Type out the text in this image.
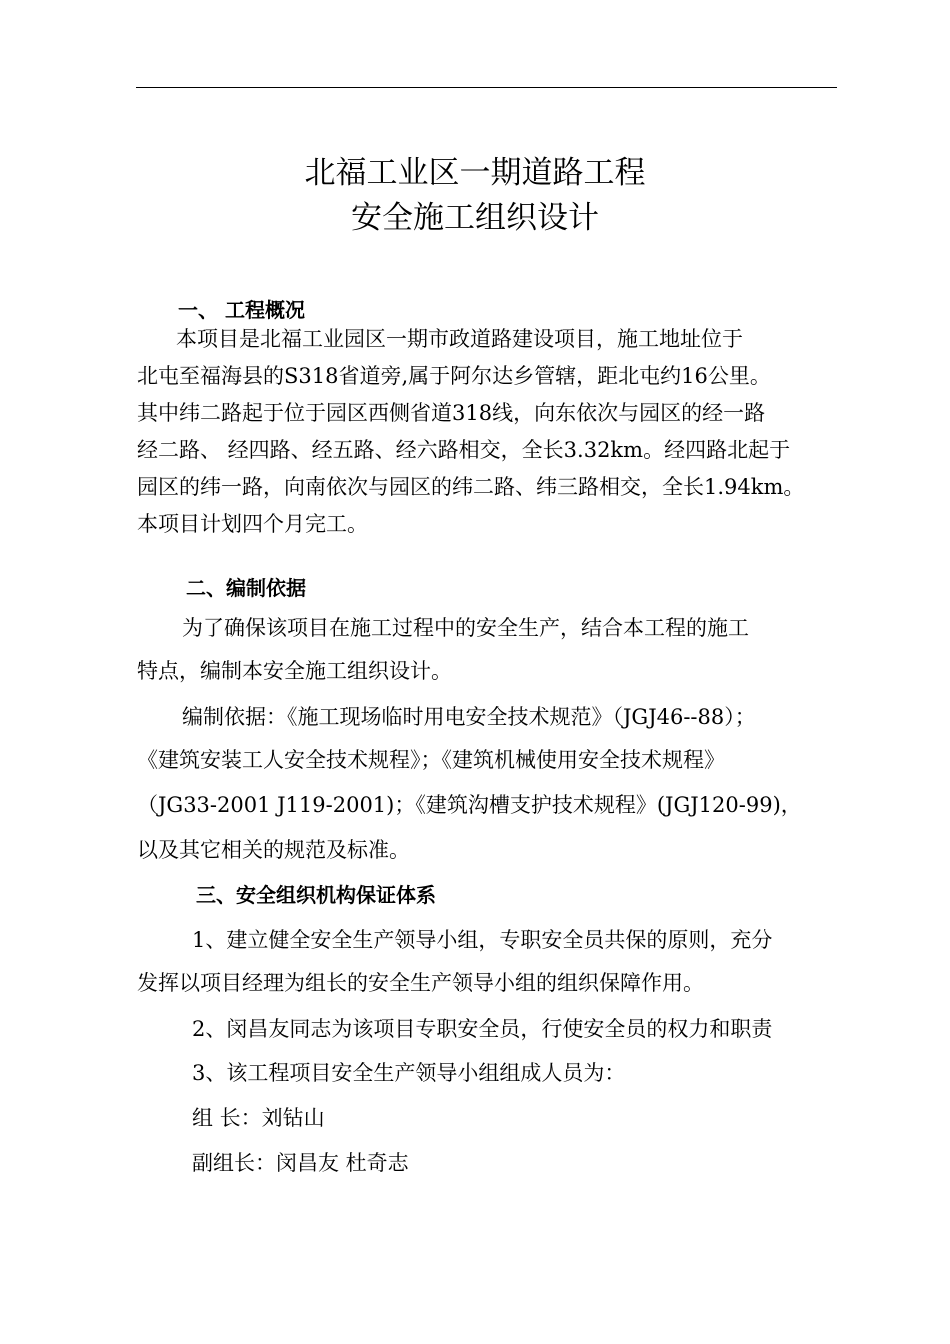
北福工业区一期道路工程
安全施工组织设计
一、 工程概况
本项目是北福工业园区一期市政道路建设项目，施工地址位于
北屯至福海县的S318省道旁,属于阿尔达乡管辖，距北屯约16公里。
其中纬二路起于位于园区西侧省道318线，向东依次与园区的经一路
经二路、 经四路、经五路、经六路相交，全长3.32km。经四路北起于
园区的纬一路，向南依次与园区的纬二路、纬三路相交，全长1.94km。
本项目计划四个月完工。
二、编制依据
为了确保该项目在施工过程中的安全生产，结合本工程的施工
特点，编制本安全施工组织设计。
编制依据：《施工现场临时用电安全技术规范》（JGJ46--88）；
《建筑安装工人安全技术规程》；《建筑机械使用安全技术规程》
（JG33-2001 J119-2001)；《建筑沟槽支护技术规程》(JGJ120-99)，
以及其它相关的规范及标准。
三、安全组织机构保证体系
1、建立健全安全生产领导小组，专职安全员共保的原则，充分
发挥以项目经理为组长的安全生产领导小组的组织保障作用。
2、闵昌友同志为该项目专职安全员，行使安全员的权力和职责
3、该工程项目安全生产领导小组组成人员为：
组 长：刘钻山
副组长：闵昌友 杜奇志
